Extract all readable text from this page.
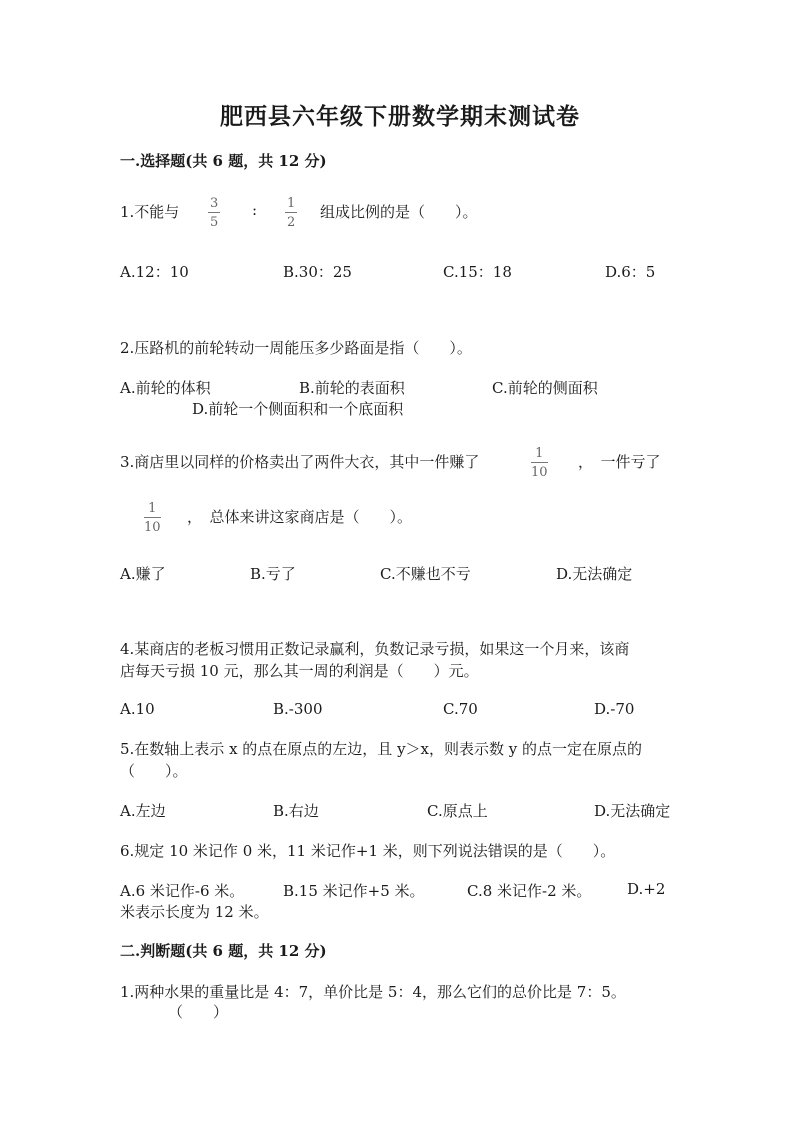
肥西县六年级下册数学期末测试卷
一.选择题(共 6 题，共 12 分)
1.不能与 3
5
: 1
2
组成比例的是（　　）。
A.12：10	B.30：25	C.15：18	D.6：5
2.压路机的前轮转动一周能压多少路面是指（　　）。
A.前轮的体积	B.前轮的表面积	C.前轮的侧面积
D.前轮一个侧面积和一个底面积
3.商店里以同样的价格卖出了两件大衣，其中一件赚了	1
10
，　一件亏了
1
10
，　总体来讲这家商店是（　　）。
A.赚了	B.亏了	C.不赚也不亏	D.无法确定
4.某商店的老板习惯用正数记录赢利，负数记录亏损，如果这一个月来，该商
店每天亏损 10 元，那么其一周的利润是（　　）元。
A.10	B.-300	C.70	D.-70
5.在数轴上表示 x 的点在原点的左边，且 y＞x，则表示数 y 的点一定在原点的
（　　）。
A.左边	B.右边	C.原点上	D.无法确定
6.规定 10 米记作 0 米，11 米记作+1 米，则下列说法错误的是（　　）。
A.6 米记作-6 米。	B.15 米记作+5 米。	C.8 米记作-2 米。 D.+2
米表示长度为 12 米。
二.判断题(共 6 题，共 12 分)
1.两种水果的重量比是 4：7，单价比是 5：4，那么它们的总价比是 7：5。
（　　）
